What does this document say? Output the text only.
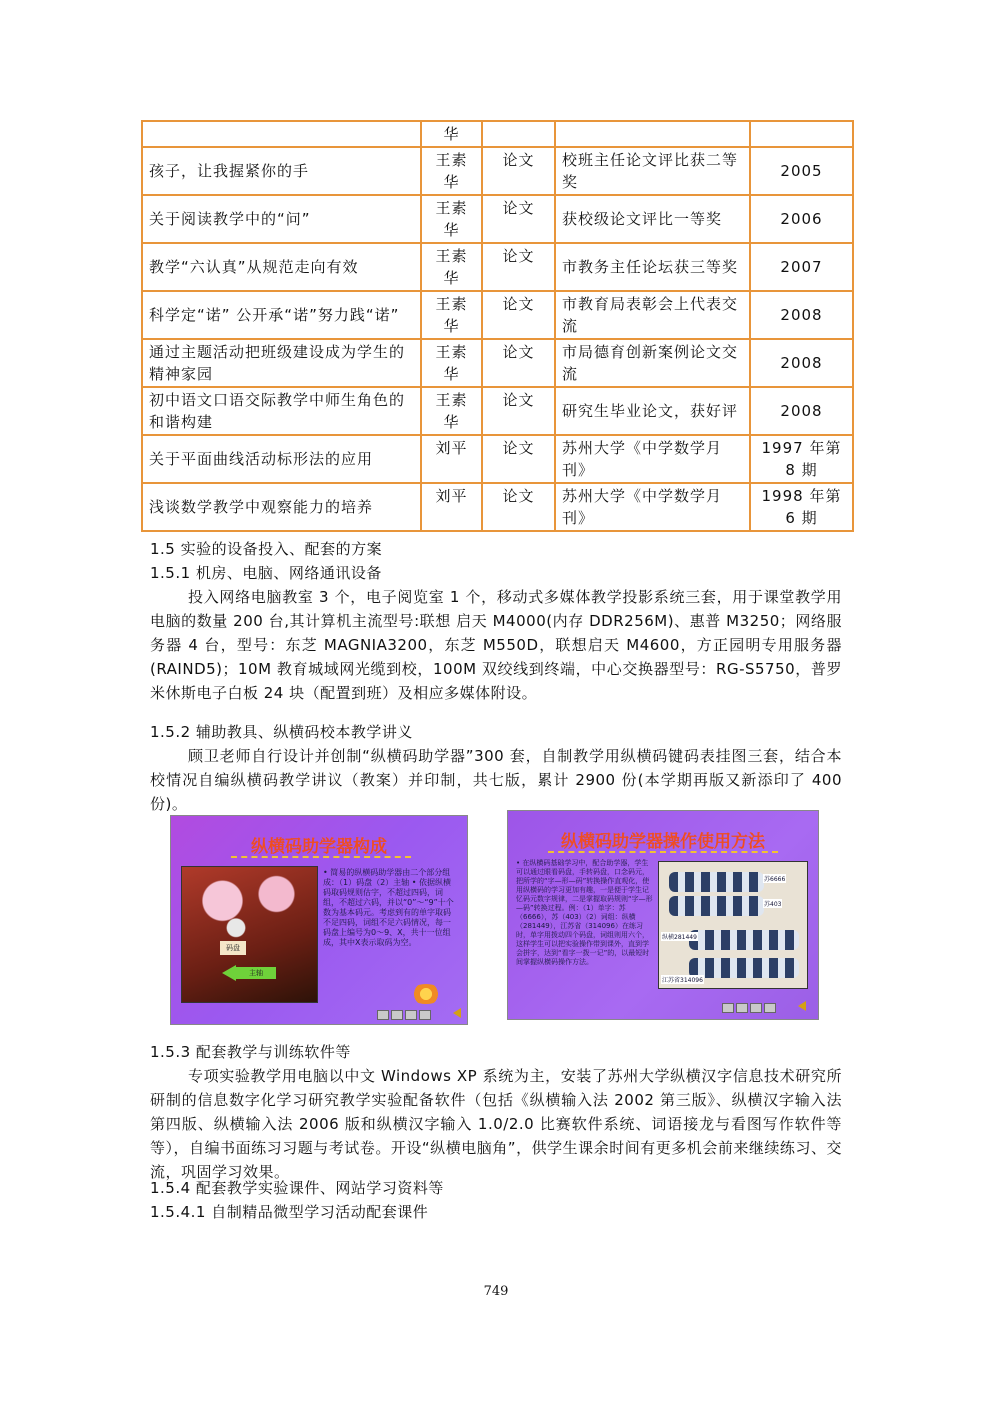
	华			
孩子，让我握紧你的手	王素华	论文	校班主任论文评比获二等奖	2005
关于阅读教学中的“问”	王素华	论文	获校级论文评比一等奖	2006
教学“六认真”从规范走向有效	王素华	论文	市教务主任论坛获三等奖	2007
科学定“诺” 公开承“诺”努力践“诺”	王素华	论文	市教育局表彰会上代表交流	2008
通过主题活动把班级建设成为学生的精神家园	王素华	论文	市局德育创新案例论文交流	2008
初中语文口语交际教学中师生角色的和谐构建	王素华	论文	研究生毕业论文，获好评	2008
关于平面曲线活动标形法的应用	刘平	论文	苏州大学《中学数学月刊》	1997 年第 8 期
浅谈数学教学中观察能力的培养	刘平	论文	苏州大学《中学数学月刊》	1998 年第 6 期
1.5 实验的设备投入、配套的方案
1.5.1 机房、电脑、网络通讯设备
投入网络电脑教室 3 个，电子阅览室 1 个，移动式多媒体教学投影系统三套，用于课堂教学用电脑的数量 200 台,其计算机主流型号:联想 启天 M4000(内存 DDR256M)、惠普 M3250；网络服务器 4 台，型号：东芝 MAGNIA3200，东芝 M550D，联想启天 M4600，方正园明专用服务器(RAIND5)；10M 教育城域网光缆到校，100M 双绞线到终端，中心交换器型号：RG-S5750，普罗米休斯电子白板 24 块（配置到班）及相应多媒体附设。
1.5.2 辅助教具、纵横码校本教学讲义
顾卫老师自行设计并创制“纵横码助学器”300 套，自制教学用纵横码键码表挂图三套，结合本校情况自编纵横码教学讲议（教案）并印制，共七版，累计 2900 份(本学期再版又新添印了 400 份)。
纵横码助学器构成
码盘
主轴
• 简易的纵横码助学器由二个部分组成：（1）码盘（2）主轴 • 依据纵横码取码规则估字，不超过四码，词组，不超过六码，并以“0”～“9”十个数为基本码元。考虑到有的单字取码不足四码，词组不足六码情况，每一码盘上编号为0～9、X，共十一位组成，其中X表示取码为空。
纵横码助学器操作使用方法
• 在纵横码基础学习中，配合助学器，学生可以通过眼看码盘，手转码盘，口念码元，把所学的“字—形—码”转换操作直观化，使用纵横码的学习更加有趣，一是便于学生记忆码元数字规律，二是掌握取码规则“字—形—码”转换过程。例：（1）单字：苏（6666），苏（403）（2）词组：纵横（281449），江苏省（314096）在练习时，单字用拨动四个码盘，词组则用六个，这样学生可以把实验操作带到课外，直到学会拼字，达到“看字一拨一记”的，以最短时间掌握纵横码操作方法。
苏6666
苏403
纵横281449
江苏省314096
1.5.3 配套教学与训练软件等
专项实验教学用电脑以中文 Windows XP 系统为主，安装了苏州大学纵横汉字信息技术研究所研制的信息数字化学习研究教学实验配备软件（包括《纵横输入法 2002 第三版》、纵横汉字输入法第四版、纵横输入法 2006 版和纵横汉字输入 1.0/2.0 比赛软件系统、词语接龙与看图写作软件等等），自编书面练习习题与考试卷。开设“纵横电脑角”，供学生课余时间有更多机会前来继续练习、交流，巩固学习效果。
1.5.4 配套教学实验课件、网站学习资料等
1.5.4.1 自制精品微型学习活动配套课件
749
